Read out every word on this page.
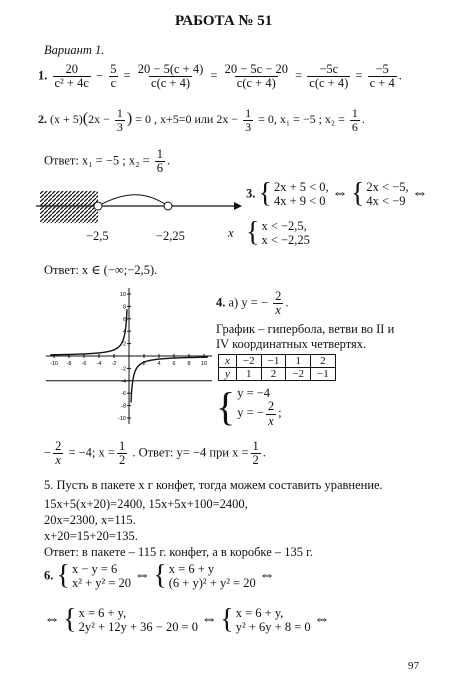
РАБОТА № 51
Вариант 1.
1. $\frac{20}{\text{c² + 4c}} - \frac{5}{c} = \frac{20 - 5(c + 4)}{c(c + 4)} = \frac{20 - 5c - 20}{c(c + 4)} = \frac{-5c}{c(c + 4)} = \frac{-5}{c + 4}$ .
2. $(x + 5)(2x - \frac{1}{3}$ ) = 0 , x+5=0 или $2x - \frac{1}{3} = 0$, x₁ = −5 ; $x_2 = \frac{1}{6}$ .
Ответ: x₁ = −5 ; $x_2 = \frac{1}{6}$ .
−2,5	−2,25	x
3. { 2x + 5 < 0,
4x + 9 < 0
⇔ { 2x < −5,
4x < −9
⇔
{ x < −2,5,
x < −2,25
Ответ: x ∈ (−∞;−2,5).
-10 -8 -6 -4 -2	2 4 6 8 10
10
8
6
4
2
-2
-4
-6
-8
-10
4. а) y = − $\frac{2}{x}$ .
График – гипербола, ветви во II и
IV координатных четвертях.
x	−2	−1	1	2
y	1	2	−2	−1
{ y = −4
y = − $\frac{2}{x}$ ;
− $\frac{2}{x} = -4$; $x = \frac{1}{2}$ . Ответ: y= −4 при $x = \frac{1}{2}$ .
5. Пусть в пакете x г конфет, тогда можем составить уравнение.
15x+5(x+20)=2400, 15x+5x+100=2400,
20x=2300, x=115.
x+20=15+20=135.
Ответ: в пакете – 115 г. конфет, а в коробке – 135 г.
6. { x − y = 6
x² + y² = 20
⇔ { x = 6 + y
(6 + y)² + y² = 20
⇔
⇔ { x = 6 + y,
2y² + 12y + 36 − 20 = 0
⇔ { x = 6 + y,
y² + 6y + 8 = 0
⇔
97
